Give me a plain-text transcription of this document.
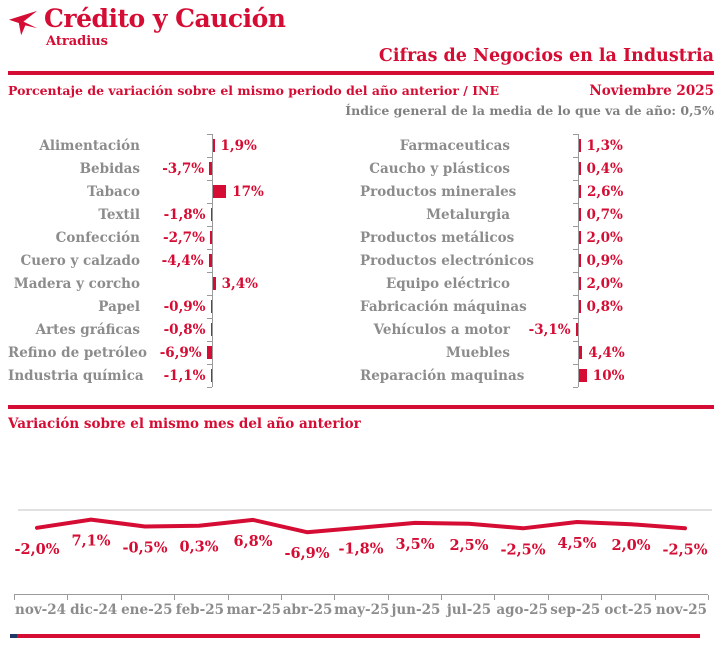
Crédito y Caución
Atradius
Cifras de Negocios en la Industria
Porcentaje de variación sobre el mismo periodo del año anterior / INE	Noviembre 2025
Índice general de la media de lo que va de año: 0,5%
Alimentación	1,9%
Bebidas -3,7%
Tabaco	17%
Textil -1,8%
Confección -2,7%
Cuero y calzado -4,4%
Madera y corcho	3,4%
Papel -0,9%
Artes gráficas -0,8%
Refino de petróleo -6,9%
Industria química -1,1%
Farmaceuticas	1,3%
Caucho y plásticos	0,4%
Productos minerales	2,6%
Metalurgia	0,7%
Productos metálicos	2,0%
Productos electrónicos	0,9%
Equipo eléctrico	2,0%
Fabricación máquinas	0,8%
Vehículos a motor -3,1%
Muebles	4,4%
Reparación maquinas	10%
Variación sobre el mismo mes del año anterior
-2,0% 7,1% -0,5% 0,3% 6,8%
-6,9% -1,8% 3,5% 2,5% -2,5% 4,5% 2,0% -2,5%
nov-24 dic-24 ene-25 feb-25 mar-25 abr-25 may-25 jun-25 jul-25 ago-25 sep-25 oct-25 nov-25
